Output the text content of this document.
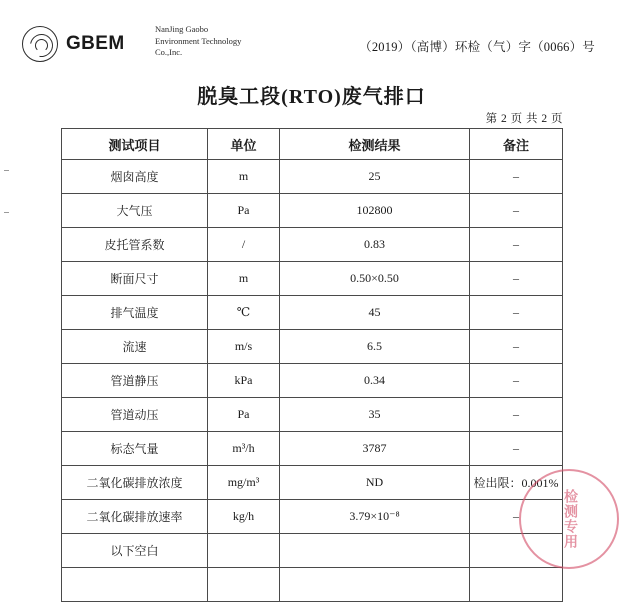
GBEM
NanJing Gaobo
Environment Technology
Co.,Inc.	（2019）（高博）环检（气）字（0066）号
脱臭工段(RTO)废气排口
第 2 页 共 2 页
测试项目	单位	检测结果	备注
烟囱高度	m	25	–
大气压	Pa	102800	–
皮托管系数	/	0.83	–
断面尺寸	m	0.50×0.50	–
排气温度	℃	45	–
流速	m/s	6.5	–
管道静压	kPa	0.34	–
管道动压	Pa	35	–
标态气量	m³/h	3787	–
二氧化碳排放浓度	mg/m³	ND	检出限：0.001%
二氧化碳排放速率	kg/h	3.79×10⁻⁸	–
以下空白			

检测专用
